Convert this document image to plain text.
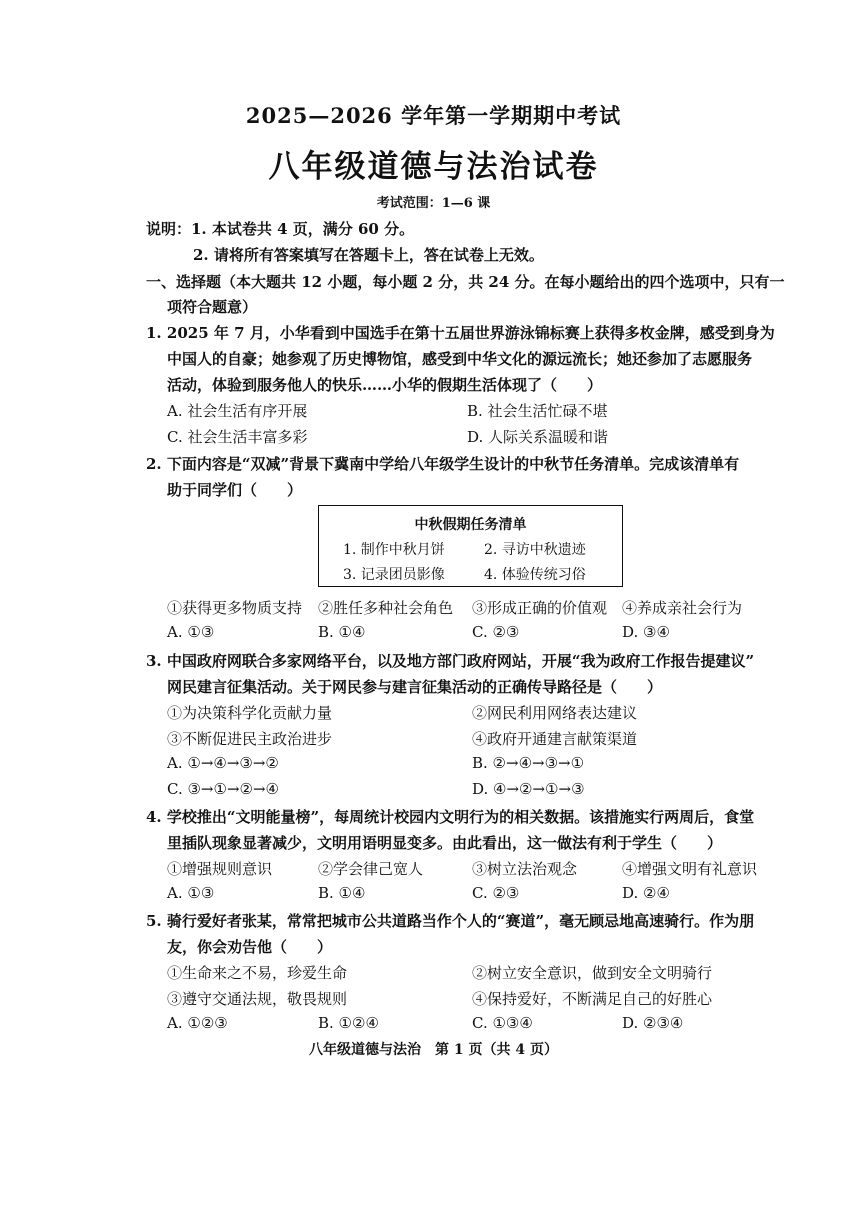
2025—2026 学年第一学期期中考试
八年级道德与法治试卷
考试范围：1—6 课
说明：1. 本试卷共 4 页，满分 60 分。
2. 请将所有答案填写在答题卡上，答在试卷上无效。
一、选择题（本大题共 12 小题，每小题 2 分，共 24 分。在每小题给出的四个选项中，只有一
项符合题意）
1. 2025 年 7 月，小华看到中国选手在第十五届世界游泳锦标赛上获得多枚金牌，感受到身为
中国人的自豪；她参观了历史博物馆，感受到中华文化的源远流长；她还参加了志愿服务
活动，体验到服务他人的快乐……小华的假期生活体现了（　　）
A. 社会生活有序开展	B. 社会生活忙碌不堪
C. 社会生活丰富多彩	D. 人际关系温暖和谐
2. 下面内容是“双减”背景下冀南中学给八年级学生设计的中秋节任务清单。完成该清单有
助于同学们（　　）
中秋假期任务清单
1. 制作中秋月饼	2. 寻访中秋遗迹
3. 记录团员影像	4. 体验传统习俗
①获得更多物质支持 ②胜任多种社会角色 ③形成正确的价值观 ④养成亲社会行为
A. ①③	B. ①④	C. ②③	D. ③④
3. 中国政府网联合多家网络平台，以及地方部门政府网站，开展“我为政府工作报告提建议”
网民建言征集活动。关于网民参与建言征集活动的正确传导路径是（　　）
①为决策科学化贡献力量	②网民利用网络表达建议
③不断促进民主政治进步	④政府开通建言献策渠道
A. ①→④→③→②	B. ②→④→③→①
C. ③→①→②→④	D. ④→②→①→③
4. 学校推出“文明能量榜”，每周统计校园内文明行为的相关数据。该措施实行两周后，食堂
里插队现象显著减少，文明用语明显变多。由此看出，这一做法有利于学生（　　）
①增强规则意识	②学会律己宽人	③树立法治观念	④增强文明有礼意识
A. ①③	B. ①④	C. ②③	D. ②④
5. 骑行爱好者张某，常常把城市公共道路当作个人的“赛道”，毫无顾忌地高速骑行。作为朋
友，你会劝告他（　　）
①生命来之不易，珍爱生命	②树立安全意识，做到安全文明骑行
③遵守交通法规，敬畏规则	④保持爱好，不断满足自己的好胜心
A. ①②③	B. ①②④	C. ①③④	D. ②③④
八年级道德与法治　第 1 页（共 4 页）
